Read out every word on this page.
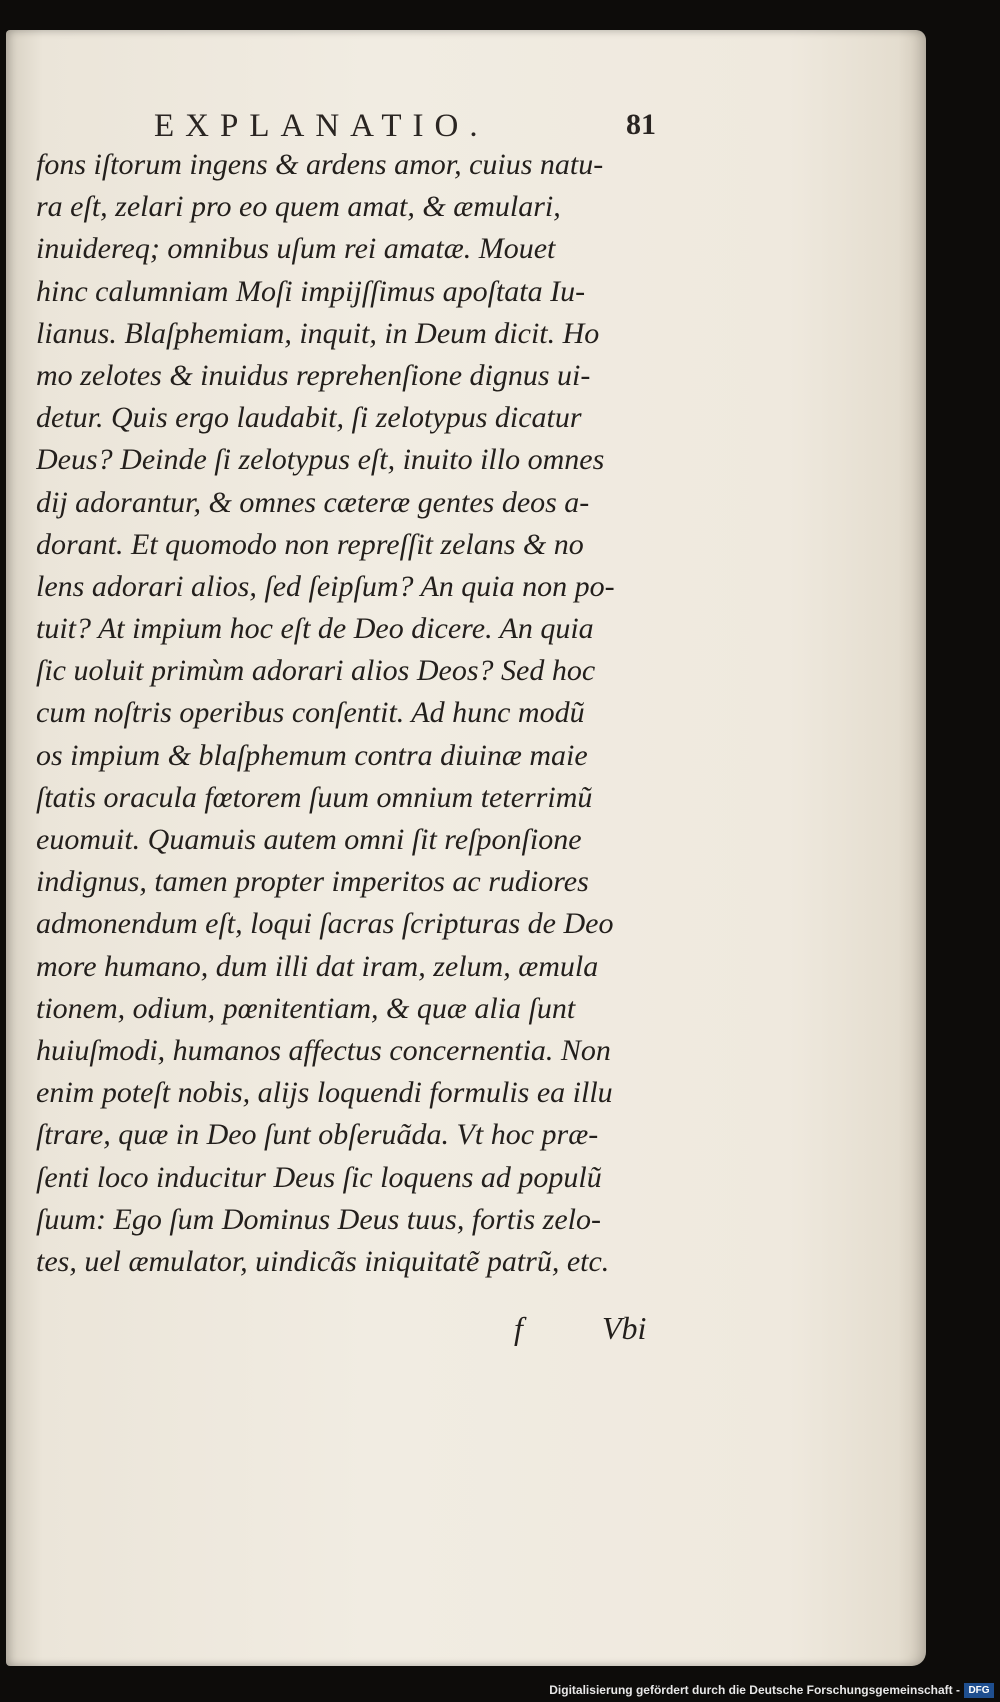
EXPLANATIO.	81
fons iſtorum ingens & ardens amor, cuius natu-
ra eſt, zelari pro eo quem amat, & æmulari,
inuidereq; omnibus uſum rei amatæ. Mouet
hinc calumniam Moſi impijſſimus apoſtata Iu-
lianus. Blaſphemiam, inquit, in Deum dicit. Ho
mo zelotes & inuidus reprehenſione dignus ui-
detur. Quis ergo laudabit, ſi zelotypus dicatur
Deus? Deinde ſi zelotypus eſt, inuito illo omnes
dij adorantur, & omnes cæteræ gentes deos a-
dorant. Et quomodo non repreſſit zelans & no
lens adorari alios, ſed ſeipſum? An quia non po-
tuit? At impium hoc eſt de Deo dicere. An quia
ſic uoluit primùm adorari alios Deos? Sed hoc
cum noſtris operibus conſentit. Ad hunc modũ
os impium & blaſphemum contra diuinæ maie
ſtatis oracula fœtorem ſuum omnium teterrimũ
euomuit. Quamuis autem omni ſit reſponſione
indignus, tamen propter imperitos ac rudiores
admonendum eſt, loqui ſacras ſcripturas de Deo
more humano, dum illi dat iram, zelum, æmula
tionem, odium, pœnitentiam, & quæ alia ſunt
huiuſmodi, humanos affectus concernentia. Non
enim poteſt nobis, alijs loquendi formulis ea illu
ſtrare, quæ in Deo ſunt obſeruãda. Vt hoc præ-
ſenti loco inducitur Deus ſic loquens ad populũ
ſuum: Ego ſum Dominus Deus tuus, fortis zelo-
tes, uel æmulator, uindicãs iniquitatẽ patrũ, etc.
f Vbi
Digitalisierung gefördert durch die Deutsche Forschungsgemeinschaft - DFG
